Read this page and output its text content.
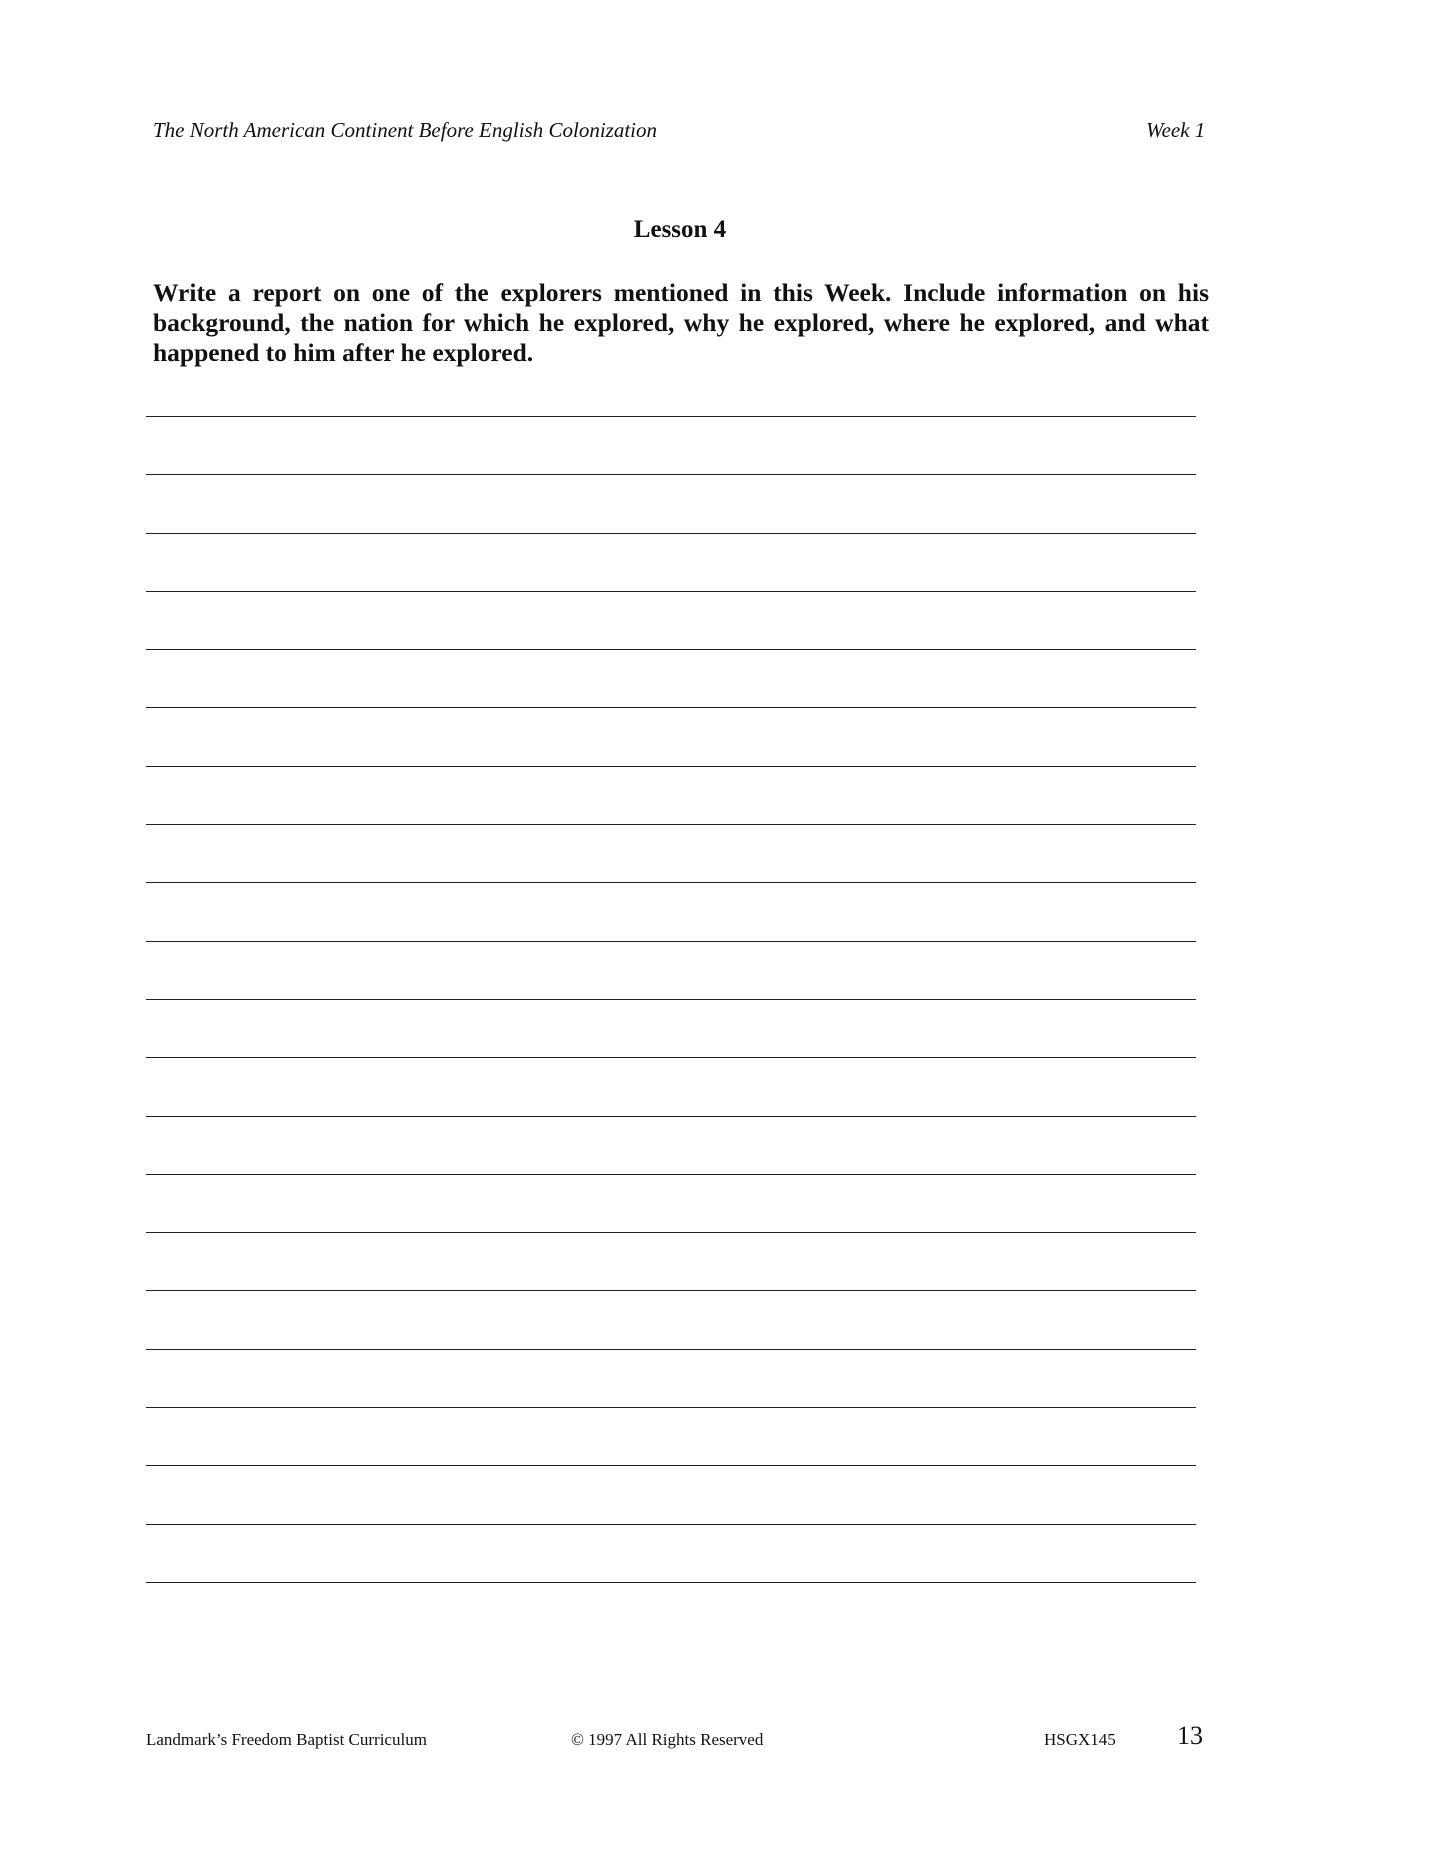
The North American Continent Before English Colonization	Week 1
Lesson 4
Write a report on one of the explorers mentioned in this Week. Include information on his background, the nation for which he explored, why he explored, where he explored, and what happened to him after he explored.
Landmark’s Freedom Baptist Curriculum	© 1997 All Rights Reserved	HSGX145 13
